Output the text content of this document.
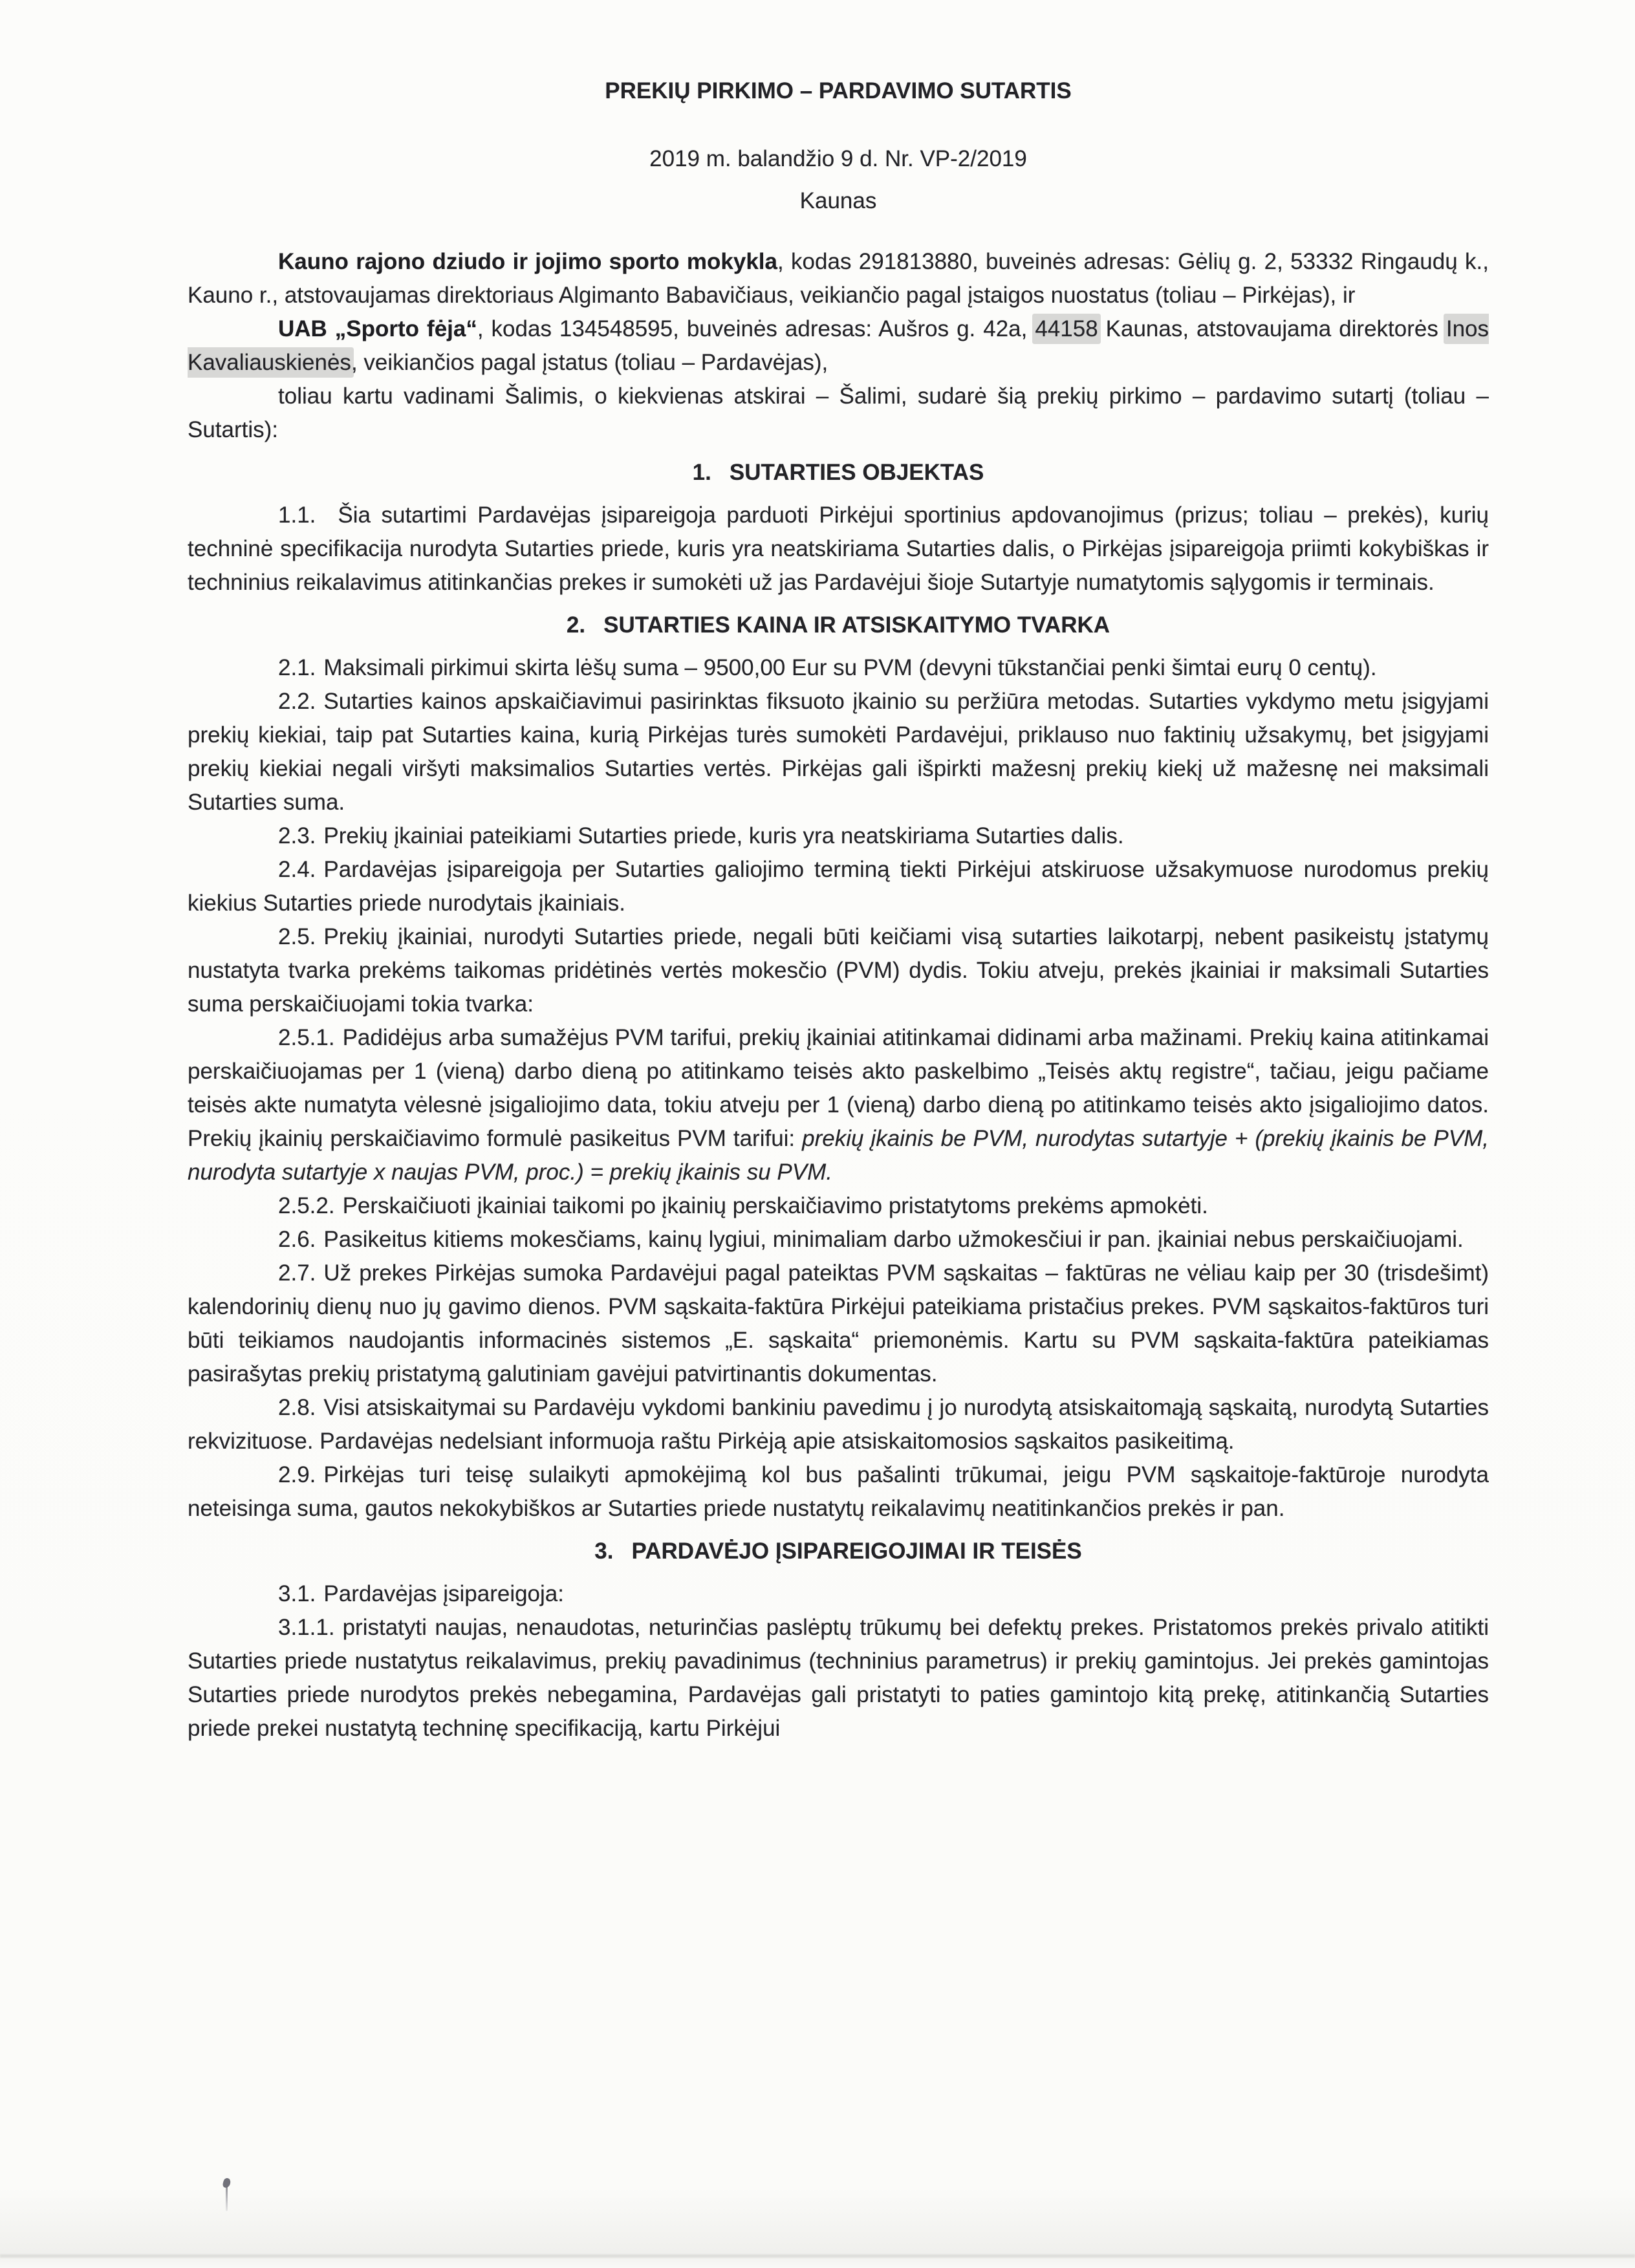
PREKIŲ PIRKIMO – PARDAVIMO SUTARTIS
2019 m. balandžio 9 d. Nr. VP-2/2019
Kaunas

Kauno rajono dziudo ir jojimo sporto mokykla, kodas 291813880, buveinės adresas: Gėlių g. 2, 53332 Ringaudų k., Kauno r., atstovaujamas direktoriaus Algimanto Babavičiaus, veikiančio pagal įstaigos nuostatus (toliau – Pirkėjas), ir

UAB „Sporto fėja“, kodas 134548595, buveinės adresas: Aušros g. 42a, 44158 Kaunas, atstovaujama direktorės Inos Kavaliauskienės, veikiančios pagal įstatus (toliau – Pardavėjas),

toliau kartu vadinami Šalimis, o kiekvienas atskirai – Šalimi, sudarė šią prekių pirkimo – pardavimo sutartį (toliau – Sutartis):

1. SUTARTIES OBJEKTAS

1.1. Šia sutartimi Pardavėjas įsipareigoja parduoti Pirkėjui sportinius apdovanojimus (prizus; toliau – prekės), kurių techninė specifikacija nurodyta Sutarties priede, kuris yra neatskiriama Sutarties dalis, o Pirkėjas įsipareigoja priimti kokybiškas ir techninius reikalavimus atitinkančias prekes ir sumokėti už jas Pardavėjui šioje Sutartyje numatytomis sąlygomis ir terminais.

2. SUTARTIES KAINA IR ATSISKAITYMO TVARKA

2.1. Maksimali pirkimui skirta lėšų suma – 9500,00 Eur su PVM (devyni tūkstančiai penki šimtai eurų 0 centų).

2.2. Sutarties kainos apskaičiavimui pasirinktas fiksuoto įkainio su peržiūra metodas. Sutarties vykdymo metu įsigyjami prekių kiekiai, taip pat Sutarties kaina, kurią Pirkėjas turės sumokėti Pardavėjui, priklauso nuo faktinių užsakymų, bet įsigyjami prekių kiekiai negali viršyti maksimalios Sutarties vertės. Pirkėjas gali išpirkti mažesnį prekių kiekį už mažesnę nei maksimali Sutarties suma.

2.3. Prekių įkainiai pateikiami Sutarties priede, kuris yra neatskiriama Sutarties dalis.

2.4. Pardavėjas įsipareigoja per Sutarties galiojimo terminą tiekti Pirkėjui atskiruose užsakymuose nurodomus prekių kiekius Sutarties priede nurodytais įkainiais.

2.5. Prekių įkainiai, nurodyti Sutarties priede, negali būti keičiami visą sutarties laikotarpį, nebent pasikeistų įstatymų nustatyta tvarka prekėms taikomas pridėtinės vertės mokesčio (PVM) dydis. Tokiu atveju, prekės įkainiai ir maksimali Sutarties suma perskaičiuojami tokia tvarka:

2.5.1. Padidėjus arba sumažėjus PVM tarifui, prekių įkainiai atitinkamai didinami arba mažinami. Prekių kaina atitinkamai perskaičiuojamas per 1 (vieną) darbo dieną po atitinkamo teisės akto paskelbimo „Teisės aktų registre“, tačiau, jeigu pačiame teisės akte numatyta vėlesnė įsigaliojimo data, tokiu atveju per 1 (vieną) darbo dieną po atitinkamo teisės akto įsigaliojimo datos. Prekių įkainių perskaičiavimo formulė pasikeitus PVM tarifui: prekių įkainis be PVM, nurodytas sutartyje + (prekių įkainis be PVM, nurodyta sutartyje x naujas PVM, proc.) = prekių įkainis su PVM.

2.5.2. Perskaičiuoti įkainiai taikomi po įkainių perskaičiavimo pristatytoms prekėms apmokėti.

2.6. Pasikeitus kitiems mokesčiams, kainų lygiui, minimaliam darbo užmokesčiui ir pan. įkainiai nebus perskaičiuojami.

2.7. Už prekes Pirkėjas sumoka Pardavėjui pagal pateiktas PVM sąskaitas – faktūras ne vėliau kaip per 30 (trisdešimt) kalendorinių dienų nuo jų gavimo dienos. PVM sąskaita-faktūra Pirkėjui pateikiama pristačius prekes. PVM sąskaitos-faktūros turi būti teikiamos naudojantis informacinės sistemos „E. sąskaita“ priemonėmis. Kartu su PVM sąskaita-faktūra pateikiamas pasirašytas prekių pristatymą galutiniam gavėjui patvirtinantis dokumentas.

2.8. Visi atsiskaitymai su Pardavėju vykdomi bankiniu pavedimu į jo nurodytą atsiskaitomąją sąskaitą, nurodytą Sutarties rekvizituose. Pardavėjas nedelsiant informuoja raštu Pirkėją apie atsiskaitomosios sąskaitos pasikeitimą.

2.9. Pirkėjas turi teisę sulaikyti apmokėjimą kol bus pašalinti trūkumai, jeigu PVM sąskaitoje-faktūroje nurodyta neteisinga suma, gautos nekokybiškos ar Sutarties priede nustatytų reikalavimų neatitinkančios prekės ir pan.

3. PARDAVĖJO ĮSIPAREIGOJIMAI IR TEISĖS

3.1. Pardavėjas įsipareigoja:

3.1.1. pristatyti naujas, nenaudotas, neturinčias paslėptų trūkumų bei defektų prekes. Pristatomos prekės privalo atitikti Sutarties priede nustatytus reikalavimus, prekių pavadinimus (techninius parametrus) ir prekių gamintojus. Jei prekės gamintojas Sutarties priede nurodytos prekės nebegamina, Pardavėjas gali pristatyti to paties gamintojo kitą prekę, atitinkančią Sutarties priede prekei nustatytą techninę specifikaciją, kartu Pirkėjui
